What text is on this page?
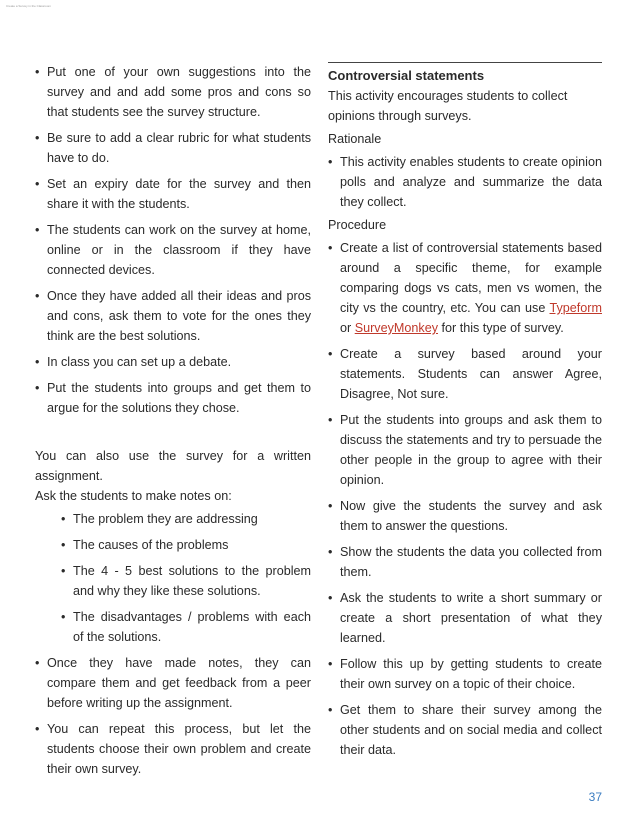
Create a Survey in the Classroom

• Put one of your own suggestions into the survey and and add some pros and cons so that students see the survey structure.

• Be sure to add a clear rubric for what students have to do.

• Set an expiry date for the survey and then share it with the students.

• The students can work on the survey at home, online or in the classroom if they have connected devices.

• Once they have added all their ideas and pros and cons, ask them to vote for the ones they think are the best solutions.

• In class you can set up a debate.

• Put the students into groups and get them to argue for the solutions they chose.

You can also use the survey for a written assignment.

Ask the students to make notes on:

• The problem they are addressing

• The causes of the problems

• The 4 - 5 best solutions to the problem and why they like these solutions.

• The disadvantages / problems with each of the solutions.

• Once they have made notes, they can compare them and get feedback from a peer before writing up the assignment.

• You can repeat this process, but let the students choose their own problem and create their own survey.

Controversial statements

This activity encourages students to collect opinions through surveys.

Rationale

• This activity enables students to create opinion polls and analyze and summarize the data they collect.

Procedure

• Create a list of controversial statements based around a specific theme, for example comparing dogs vs cats, men vs women, the city vs the country, etc. You can use Typeform or SurveyMonkey for this type of survey.

• Create a survey based around your statements. Students can answer Agree, Disagree, Not sure.

• Put the students into groups and ask them to discuss the statements and try to persuade the other people in the group to agree with their opinion.

• Now give the students the survey and ask them to answer the questions.

• Show the students the data you collected from them.

• Ask the students to write a short summary or create a short presentation of what they learned.

• Follow this up by getting students to create their own survey on a topic of their choice.

• Get them to share their survey among the other students and on social media and collect their data.

37
